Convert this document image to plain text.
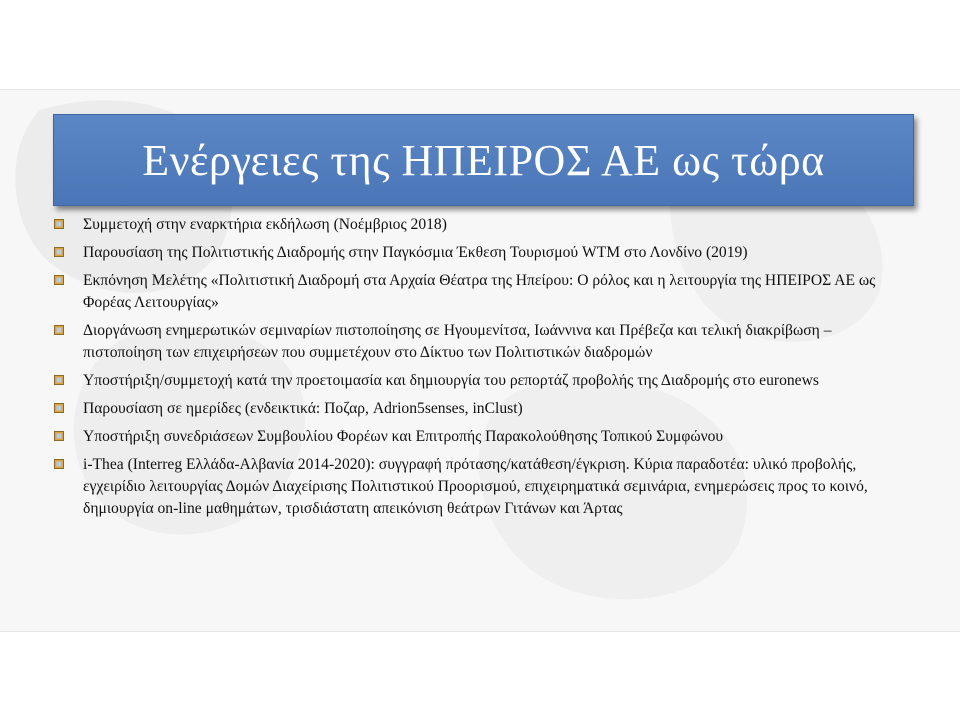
Ενέργειες της ΗΠΕΙΡΟΣ ΑΕ ως τώρα
Συμμετοχή στην εναρκτήρια εκδήλωση (Νοέμβριος 2018)
Παρουσίαση της Πολιτιστικής Διαδρομής στην Παγκόσμια Έκθεση Τουρισμού WTM στο Λονδίνο (2019)
Εκπόνηση Μελέτης «Πολιτιστική Διαδρομή στα Αρχαία Θέατρα της Ηπείρου: Ο ρόλος και η λειτουργία της ΗΠΕΙΡΟΣ ΑΕ ως Φορέας Λειτουργίας»
Διοργάνωση ενημερωτικών σεμιναρίων πιστοποίησης σε Ηγουμενίτσα, Ιωάννινα και Πρέβεζα και τελική διακρίβωση – πιστοποίηση των επιχειρήσεων που συμμετέχουν στο Δίκτυο των Πολιτιστικών διαδρομών
Υποστήριξη/συμμετοχή κατά την προετοιμασία και δημιουργία του ρεπορτάζ προβολής της Διαδρομής στο euronews
Παρουσίαση σε ημερίδες (ενδεικτικά: Ποζαρ, Adrion5senses, inClust)
Υποστήριξη συνεδριάσεων Συμβουλίου Φορέων και Επιτροπής Παρακολούθησης Τοπικού Συμφώνου
i-Thea (Interreg Ελλάδα-Αλβανία 2014-2020): συγγραφή πρότασης/κατάθεση/έγκριση. Κύρια παραδοτέα: υλικό προβολής, εγχειρίδιο λειτουργίας Δομών Διαχείρισης Πολιτιστικού Προορισμού, επιχειρηματικά σεμινάρια, ενημερώσεις προς το κοινό, δημιουργία on-line μαθημάτων, τρισδιάστατη απεικόνιση θεάτρων Γιτάνων και Άρτας
